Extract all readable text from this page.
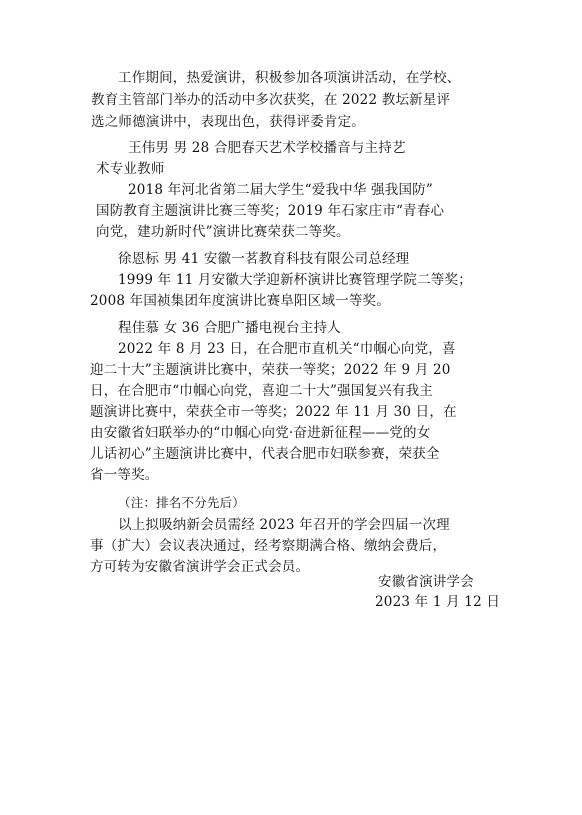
工作期间，热爱演讲，积极参加各项演讲活动，在学校、
教育主管部门举办的活动中多次获奖，在 2022 教坛新星评
选之师德演讲中，表现出色，获得评委肯定。
王伟男 男 28 合肥春天艺术学校播音与主持艺
术专业教师
2018 年河北省第二届大学生“爱我中华 强我国防”
国防教育主题演讲比赛三等奖；2019 年石家庄市“青春心
向党，建功新时代”演讲比赛荣获二等奖。
徐恩标 男 41 安徽一茗教育科技有限公司总经理
1999 年 11 月安徽大学迎新杯演讲比赛管理学院二等奖；
2008 年国祯集团年度演讲比赛阜阳区域一等奖。
程佳慕 女 36 合肥广播电视台主持人
2022 年 8 月 23 日，在合肥市直机关“巾帼心向党，喜
迎二十大”主题演讲比赛中，荣获一等奖；2022 年 9 月 20
日，在合肥市“巾帼心向党，喜迎二十大”强国复兴有我主
题演讲比赛中，荣获全市一等奖；2022 年 11 月 30 日，在
由安徽省妇联举办的“巾帼心向党·奋进新征程——党的女
儿话初心”主题演讲比赛中，代表合肥市妇联参赛，荣获全
省一等奖。
（注：排名不分先后）
以上拟吸纳新会员需经 2023 年召开的学会四届一次理
事（扩大）会议表决通过，经考察期满合格、缴纳会费后，
方可转为安徽省演讲学会正式会员。
安徽省演讲学会
2023 年 1 月 12 日
